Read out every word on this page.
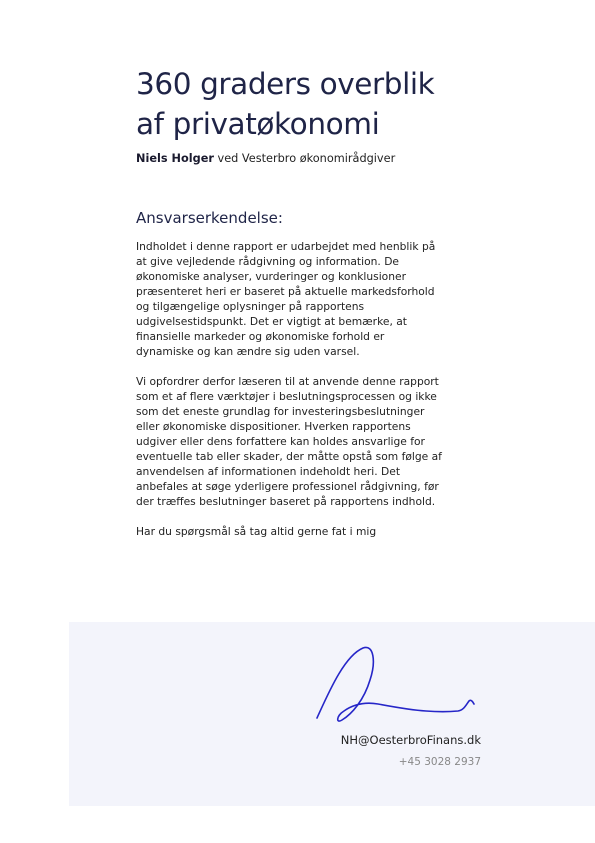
360 graders overblik
af privatøkonomi
Niels Holger ved Vesterbro økonomirådgiver
Ansvarserkendelse:

Indholdet i denne rapport er udarbejdet med henblik på
at give vejledende rådgivning og information. De
økonomiske analyser, vurderinger og konklusioner
præsenteret heri er baseret på aktuelle markedsforhold
og tilgængelige oplysninger på rapportens
udgivelsestidspunkt. Det er vigtigt at bemærke, at
finansielle markeder og økonomiske forhold er
dynamiske og kan ændre sig uden varsel.

Vi opfordrer derfor læseren til at anvende denne rapport
som et af flere værktøjer i beslutningsprocessen og ikke
som det eneste grundlag for investeringsbeslutninger
eller økonomiske dispositioner. Hverken rapportens
udgiver eller dens forfattere kan holdes ansvarlige for
eventuelle tab eller skader, der måtte opstå som følge af
anvendelsen af informationen indeholdt heri. Det
anbefales at søge yderligere professionel rådgivning, før
der træffes beslutninger baseret på rapportens indhold.

Har du spørgsmål så tag altid gerne fat i mig

NH@OesterbroFinans.dk
+45 3028 2937
